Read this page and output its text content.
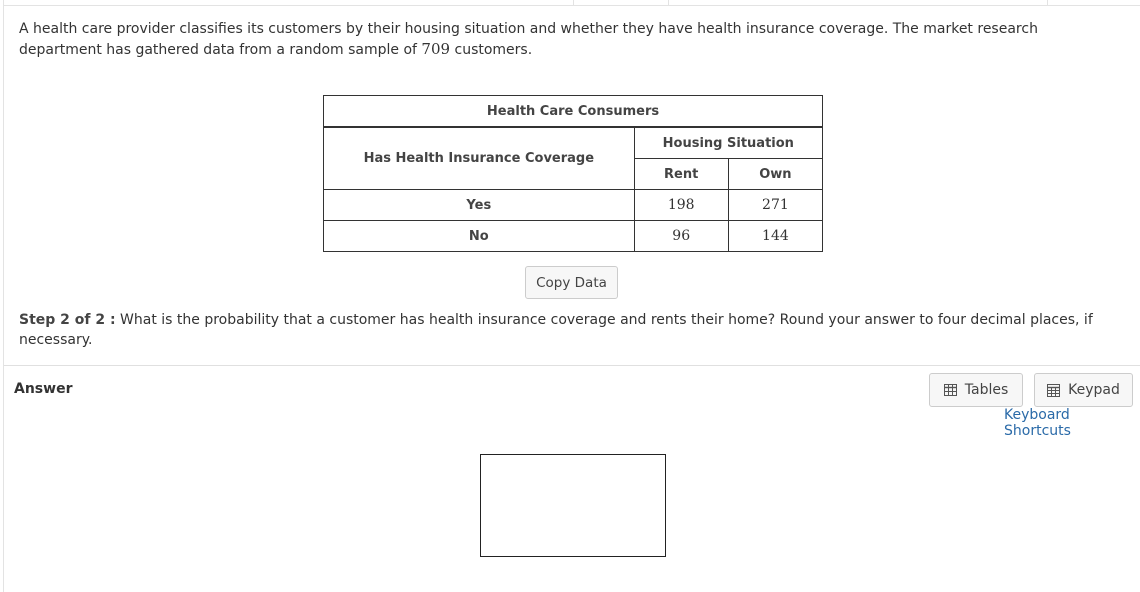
A health care provider classifies its customers by their housing situation and whether they have health insurance coverage. The market research department has gathered data from a random sample of 709 customers.
Health Care Consumers		
Has Health Insurance Coverage	Housing Situation	
	Rent	Own
Yes	198	271
No	96	144
Copy Data
Step 2 of 2 : What is the probability that a customer has health insurance coverage and rents their home? Round your answer to four decimal places, if necessary.
Answer	Tables	Keypad
Keyboard Shortcuts
